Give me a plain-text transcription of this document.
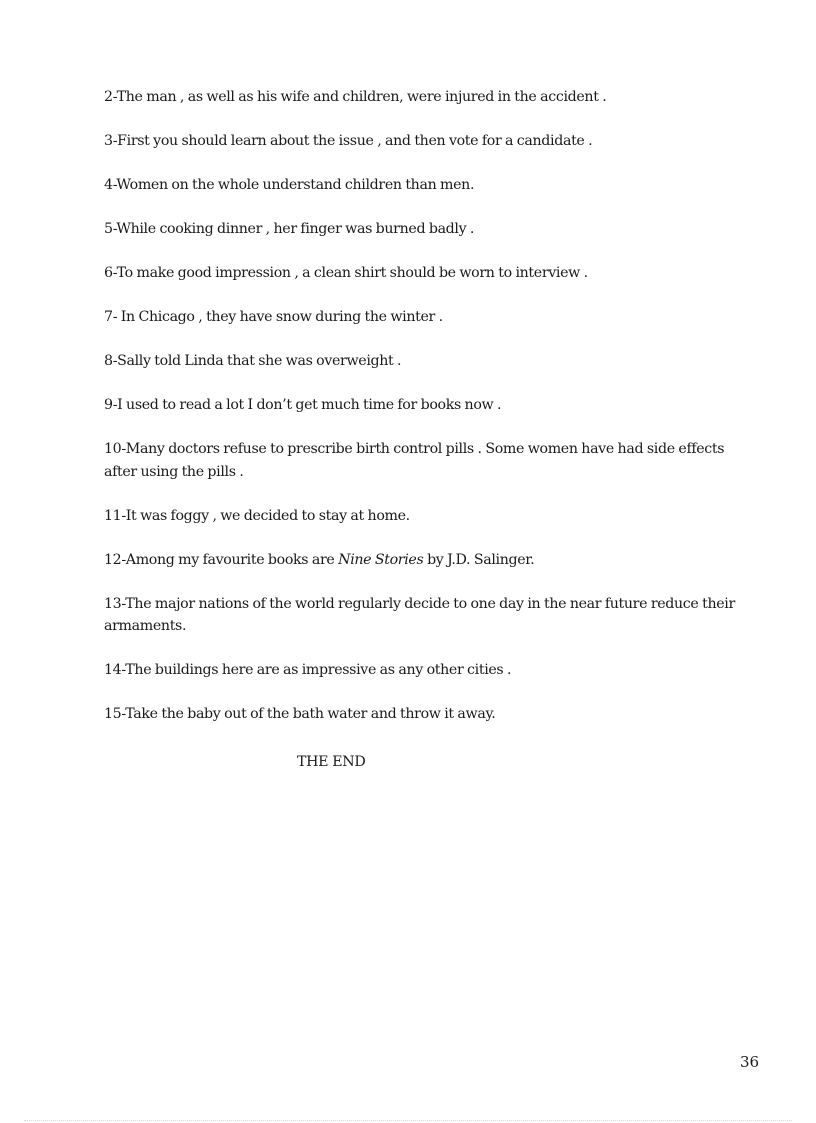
2-The man , as well as his wife and children, were injured in the accident .
3-First you should learn about the issue , and then vote for a candidate .
4-Women on the whole understand children than men.
5-While cooking dinner , her finger was burned badly .
6-To make good impression , a clean shirt should be worn to interview .
7- In Chicago , they have snow during the winter .
8-Sally told Linda that she was overweight .
9-I used to read a lot I don’t get much time for books now .
10-Many doctors refuse to prescribe birth control pills . Some women have had side effects after using the pills .
11-It was foggy , we decided to stay at home.
12-Among my favourite books are Nine Stories by J.D. Salinger.
13-The major nations of the world regularly decide to one day in the near future reduce their armaments.
14-The buildings here are as impressive as any other cities .
15-Take the baby out of the bath water and throw it away.
THE END
36
